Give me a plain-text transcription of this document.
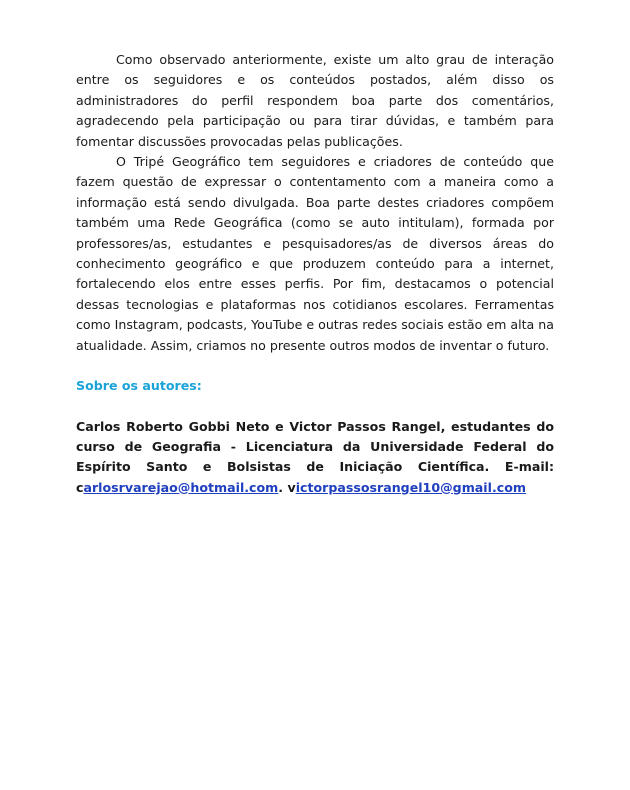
Como observado anteriormente, existe um alto grau de interação entre os seguidores e os conteúdos postados, além disso os administradores do perfil respondem boa parte dos comentários, agradecendo pela participação ou para tirar dúvidas, e também para fomentar discussões provocadas pelas publicações.

O Tripé Geográfico tem seguidores e criadores de conteúdo que fazem questão de expressar o contentamento com a maneira como a informação está sendo divulgada. Boa parte destes criadores compõem também uma Rede Geográfica (como se auto intitulam), formada por professores/as, estudantes e pesquisadores/as de diversos áreas do conhecimento geográfico e que produzem conteúdo para a internet, fortalecendo elos entre esses perfis. Por fim, destacamos o potencial dessas tecnologias e plataformas nos cotidianos escolares. Ferramentas como Instagram, podcasts, YouTube e outras redes sociais estão em alta na atualidade. Assim, criamos no presente outros modos de inventar o futuro.

Sobre os autores:

Carlos Roberto Gobbi Neto e Victor Passos Rangel, estudantes do curso de Geografia - Licenciatura da Universidade Federal do Espírito Santo e Bolsistas de Iniciação Científica. E-mail: carlosrvarejao@hotmail.com. victorpassosrangel10@gmail.com
